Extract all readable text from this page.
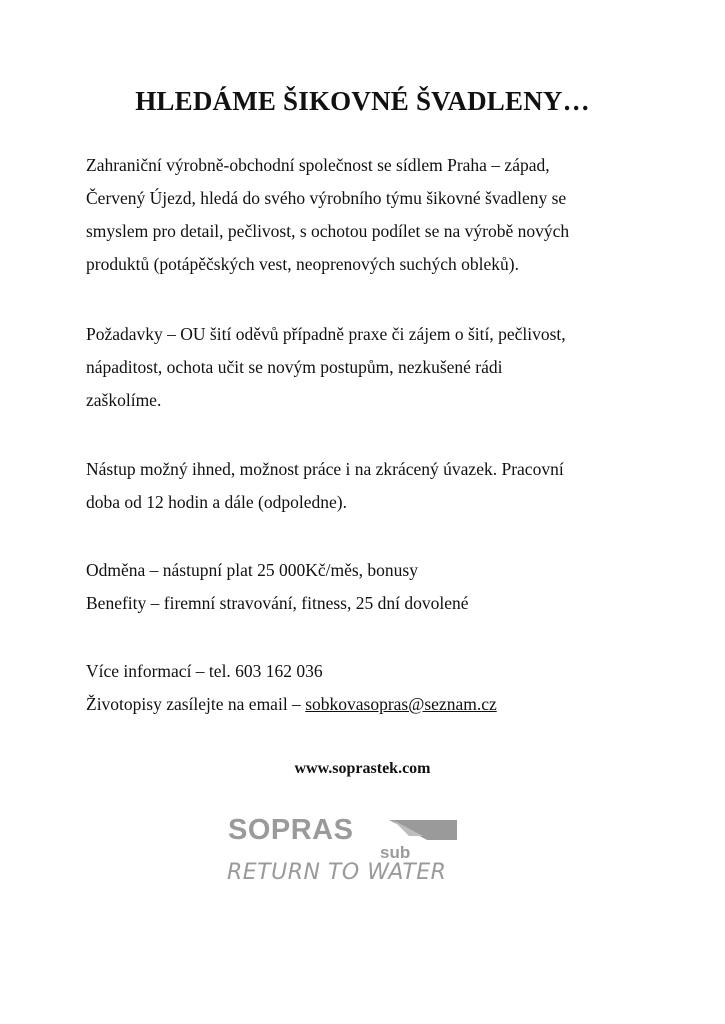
HLEDÁME ŠIKOVNÉ ŠVADLENY…

Zahraniční výrobně-obchodní společnost se sídlem Praha – západ,
Červený Újezd, hledá do svého výrobního týmu šikovné švadleny se
smyslem pro detail, pečlivost, s ochotou podílet se na výrobě nových
produktů (potápěčských vest, neoprenových suchých obleků).

Požadavky – OU šití oděvů případně praxe či zájem o šití, pečlivost,
nápaditost, ochota učit se novým postupům, nezkušené rádi
zaškolíme.

Nástup možný ihned, možnost práce i na zkrácený úvazek. Pracovní
doba od 12 hodin a dále (odpoledne).

Odměna – nástupní plat 25 000Kč/měs, bonusy
Benefity – firemní stravování, fitness, 25 dní dovolené

Více informací – tel. 603 162 036
Životopisy zasílejte na email – sobkovasopras@seznam.cz

www.soprastek.com
SOPRAS
sub
RETURN TO WATER
